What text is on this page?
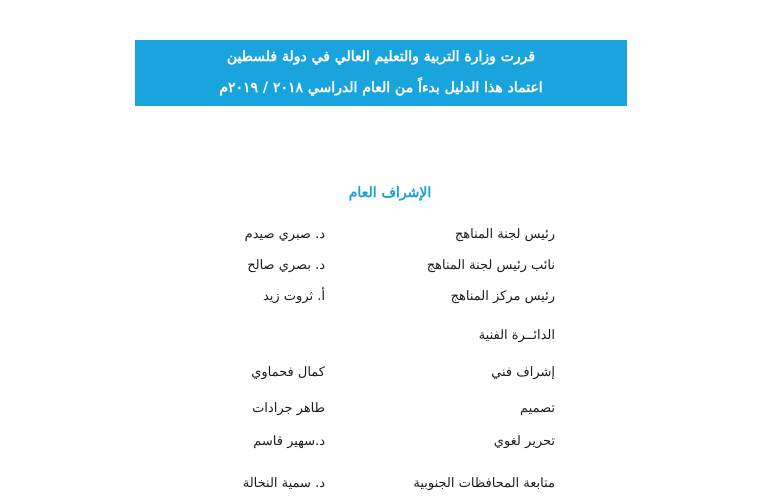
قررت وزارة التربية والتعليم العالي في دولة فلسطين
اعتماد هذا الدليل بدءاً من العام الدراسي ٢٠١٨ / ٢٠١٩م
الإشراف العام
رئيس لجنة المناهج
د. صبري صيدم
نائب رئيس لجنة المناهج
د. بصري صالح
رئيس مركز المناهج
أ. ثروت زيد
الدائــرة الفنية
إشراف فني
كمال فحماوي
تصميم
طاهر جرادات
تحرير لغوي
د.سهير قاسم
متابعة المحافظات الجنوبية
د. سمية النخالة
